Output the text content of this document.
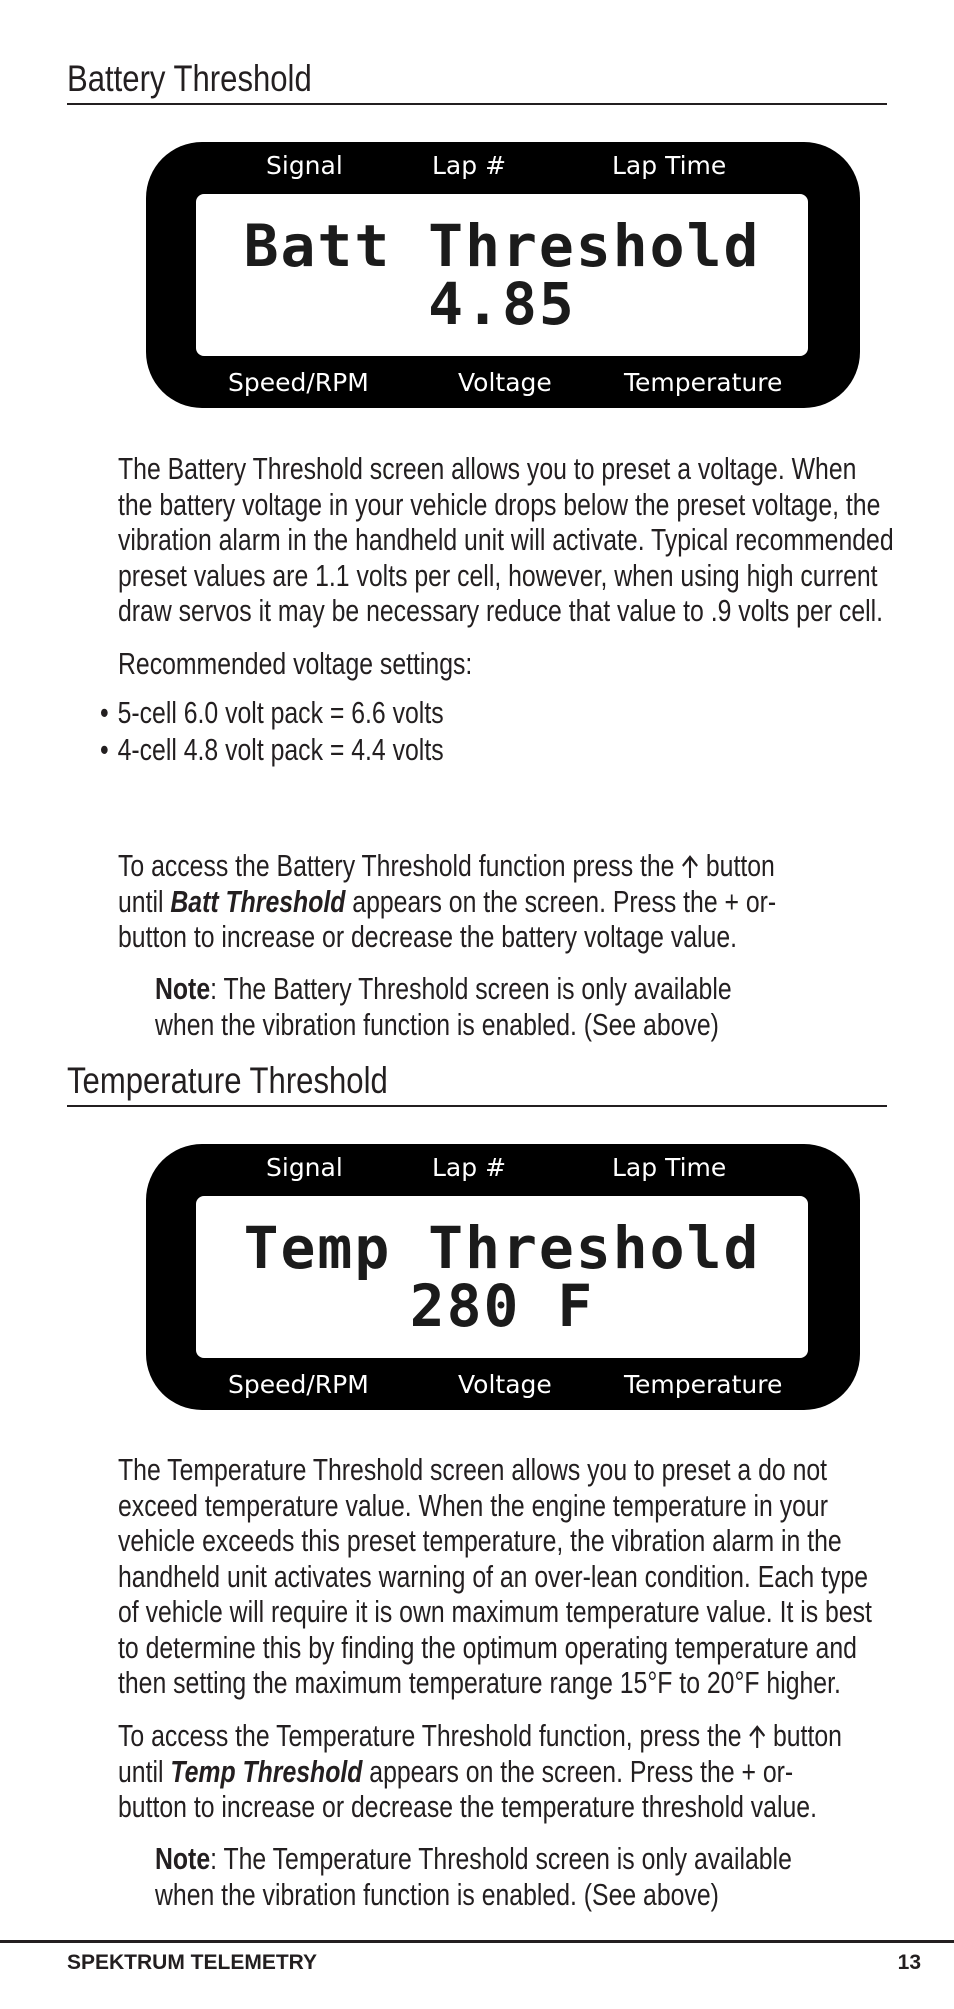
Battery Threshold
Signal	Lap #	Lap Time
Batt Threshold
4.85
Speed/RPM	Voltage	Temperature
The Battery Threshold screen allows you to preset a voltage. When
the battery voltage in your vehicle drops below the preset voltage, the
vibration alarm in the handheld unit will activate. Typical recommended
preset values are 1.1 volts per cell, however, when using high current
draw servos it may be necessary reduce that value to .9 volts per cell.
Recommended voltage settings:
• 5-cell 6.0 volt pack = 6.6 volts
• 4-cell 4.8 volt pack = 4.4 volts
To access the Battery Threshold function press the button
until Batt Threshold appears on the screen. Press the + or-
button to increase or decrease the battery voltage value.
Note: The Battery Threshold screen is only available
when the vibration function is enabled. (See above)
Temperature Threshold
Signal	Lap #	Lap Time
Temp Threshold
280 F
Speed/RPM	Voltage	Temperature
The Temperature Threshold screen allows you to preset a do not
exceed temperature value. When the engine temperature in your
vehicle exceeds this preset temperature, the vibration alarm in the
handheld unit activates warning of an over-lean condition. Each type
of vehicle will require it is own maximum temperature value. It is best
to determine this by finding the optimum operating temperature and
then setting the maximum temperature range 15°F to 20°F higher.
To access the Temperature Threshold function, press the button
until Temp Threshold appears on the screen. Press the + or-
button to increase or decrease the temperature threshold value.
Note: The Temperature Threshold screen is only available
when the vibration function is enabled. (See above)
SPEKTRUM TELEMETRY	13
